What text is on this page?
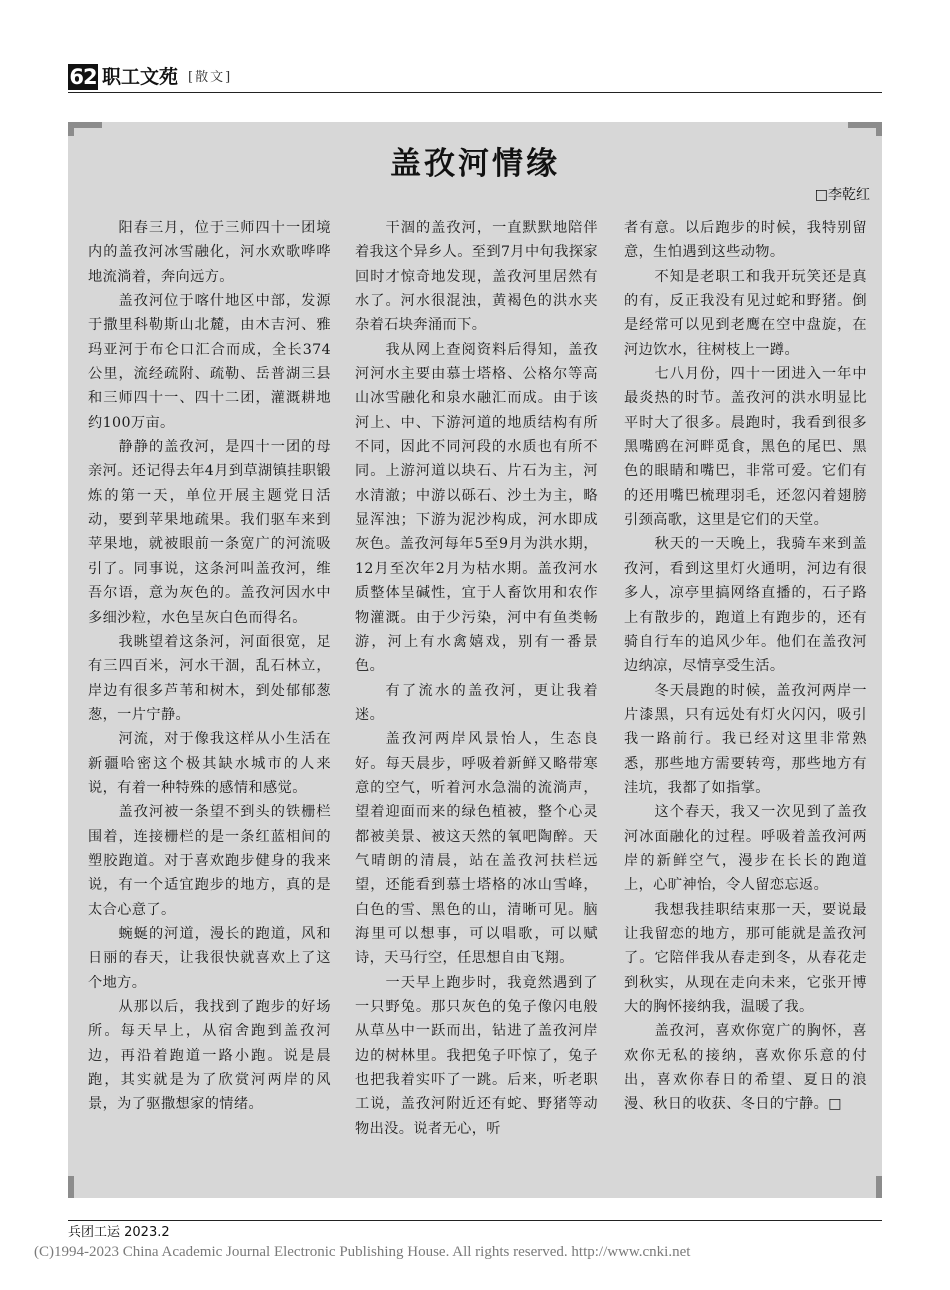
62 职工文苑 [散文]
盖孜河情缘
□李乾红

阳春三月，位于三师四十一团境内的盖孜河冰雪融化，河水欢歌哗哗地流淌着，奔向远方。

盖孜河位于喀什地区中部，发源于撒里科勒斯山北麓，由木吉河、雅玛亚河于布仑口汇合而成，全长374公里，流经疏附、疏勒、岳普湖三县和三师四十一、四十二团，灌溉耕地约100万亩。

静静的盖孜河，是四十一团的母亲河。还记得去年4月到草湖镇挂职锻炼的第一天，单位开展主题党日活动，要到苹果地疏果。我们驱车来到苹果地，就被眼前一条宽广的河流吸引了。同事说，这条河叫盖孜河，维吾尔语，意为灰色的。盖孜河因水中多细沙粒，水色呈灰白色而得名。

我眺望着这条河，河面很宽，足有三四百米，河水干涸，乱石林立，岸边有很多芦苇和树木，到处郁郁葱葱，一片宁静。

河流，对于像我这样从小生活在新疆哈密这个极其缺水城市的人来说，有着一种特殊的感情和感觉。

盖孜河被一条望不到头的铁栅栏围着，连接栅栏的是一条红蓝相间的塑胶跑道。对于喜欢跑步健身的我来说，有一个适宜跑步的地方，真的是太合心意了。

蜿蜒的河道，漫长的跑道，风和日丽的春天，让我很快就喜欢上了这个地方。

从那以后，我找到了跑步的好场所。每天早上，从宿舍跑到盖孜河边，再沿着跑道一路小跑。说是晨跑，其实就是为了欣赏河两岸的风景，为了驱撒想家的情绪。

干涸的盖孜河，一直默默地陪伴着我这个异乡人。至到7月中旬我探家回时才惊奇地发现，盖孜河里居然有水了。河水很混浊，黄褐色的洪水夹杂着石块奔涌而下。

我从网上查阅资料后得知，盖孜河河水主要由慕士塔格、公格尔等高山冰雪融化和泉水融汇而成。由于该河上、中、下游河道的地质结构有所不同，因此不同河段的水质也有所不同。上游河道以块石、片石为主，河水清澈；中游以砾石、沙土为主，略显浑浊；下游为泥沙构成，河水即成灰色。盖孜河每年5至9月为洪水期，12月至次年2月为枯水期。盖孜河水质整体呈碱性，宜于人畜饮用和农作物灌溉。由于少污染，河中有鱼类畅游，河上有水禽嬉戏，别有一番景色。

有了流水的盖孜河，更让我着迷。

盖孜河两岸风景怡人，生态良好。每天晨步，呼吸着新鲜又略带寒意的空气，听着河水急湍的流淌声，望着迎面而来的绿色植被，整个心灵都被美景、被这天然的氧吧陶醉。天气晴朗的清晨，站在盖孜河扶栏远望，还能看到慕士塔格的冰山雪峰，白色的雪、黑色的山，清晰可见。脑海里可以想事，可以唱歌，可以赋诗，天马行空，任思想自由飞翔。

一天早上跑步时，我竟然遇到了一只野兔。那只灰色的兔子像闪电般从草丛中一跃而出，钻进了盖孜河岸边的树林里。我把兔子吓惊了，兔子也把我着实吓了一跳。后来，听老职工说，盖孜河附近还有蛇、野猪等动物出没。说者无心，听

者有意。以后跑步的时候，我特别留意，生怕遇到这些动物。

不知是老职工和我开玩笑还是真的有，反正我没有见过蛇和野猪。倒是经常可以见到老鹰在空中盘旋，在河边饮水，往树枝上一蹲。

七八月份，四十一团进入一年中最炎热的时节。盖孜河的洪水明显比平时大了很多。晨跑时，我看到很多黑嘴鸥在河畔觅食，黑色的尾巴、黑色的眼睛和嘴巴，非常可爱。它们有的还用嘴巴梳理羽毛，还忽闪着翅膀引颈高歌，这里是它们的天堂。

秋天的一天晚上，我骑车来到盖孜河，看到这里灯火通明，河边有很多人，凉亭里搞网络直播的，石子路上有散步的，跑道上有跑步的，还有骑自行车的追风少年。他们在盖孜河边纳凉，尽情享受生活。

冬天晨跑的时候，盖孜河两岸一片漆黑，只有远处有灯火闪闪，吸引我一路前行。我已经对这里非常熟悉，那些地方需要转弯，那些地方有洼坑，我都了如指掌。

这个春天，我又一次见到了盖孜河冰面融化的过程。呼吸着盖孜河两岸的新鲜空气，漫步在长长的跑道上，心旷神怡，令人留恋忘返。

我想我挂职结束那一天，要说最让我留恋的地方，那可能就是盖孜河了。它陪伴我从春走到冬，从春花走到秋实，从现在走向未来，它张开博大的胸怀接纳我，温暖了我。

盖孜河，喜欢你宽广的胸怀，喜欢你无私的接纳，喜欢你乐意的付出，喜欢你春日的希望、夏日的浪漫、秋日的收获、冬日的宁静。□

兵团工运 2023.2
(C)1994-2023 China Academic Journal Electronic Publishing House. All rights reserved. http://www.cnki.net
